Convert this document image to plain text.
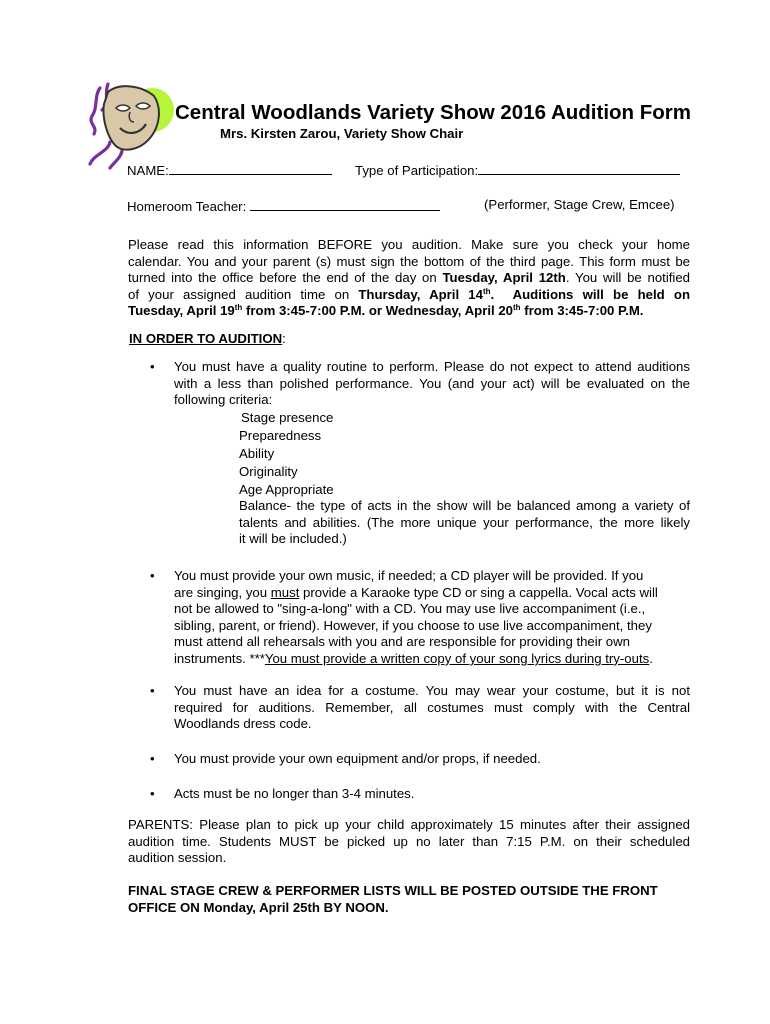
Central Woodlands Variety Show 2016 Audition Form
Mrs. Kirsten Zarou, Variety Show Chair
NAME:	Type of Participation:
Homeroom Teacher:	(Performer, Stage Crew, Emcee)
Please read this information BEFORE you audition. Make sure you check your home
calendar. You and your parent (s) must sign the bottom of the third page. This form must be
turned into the office before the end of the day on Tuesday, April 12th. You will be notified
of your assigned audition time on Thursday, April 14th. Auditions will be held on
Tuesday, April 19th from 3:45-7:00 P.M. or Wednesday, April 20th from 3:45-7:00 P.M.
IN ORDER TO AUDITION:
• You must have a quality routine to perform. Please do not expect to attend auditions
with a less than polished performance. You (and your act) will be evaluated on the
following criteria:
Stage presence
Preparedness
Ability
Originality
Age Appropriate
Balance- the type of acts in the show will be balanced among a variety of
talents and abilities. (The more unique your performance, the more likely
it will be included.)
• You must provide your own music, if needed; a CD player will be provided. If you
are singing, you must provide a Karaoke type CD or sing a cappella. Vocal acts will
not be allowed to "sing-a-long" with a CD. You may use live accompaniment (i.e.,
sibling, parent, or friend). However, if you choose to use live accompaniment, they
must attend all rehearsals with you and are responsible for providing their own
instruments. ***You must provide a written copy of your song lyrics during try-outs.
• You must have an idea for a costume. You may wear your costume, but it is not
required for auditions. Remember, all costumes must comply with the Central
Woodlands dress code.
• You must provide your own equipment and/or props, if needed.
• Acts must be no longer than 3-4 minutes.
PARENTS: Please plan to pick up your child approximately 15 minutes after their assigned
audition time. Students MUST be picked up no later than 7:15 P.M. on their scheduled
audition session.
FINAL STAGE CREW & PERFORMER LISTS WILL BE POSTED OUTSIDE THE FRONT
OFFICE ON Monday, April 25th BY NOON.
